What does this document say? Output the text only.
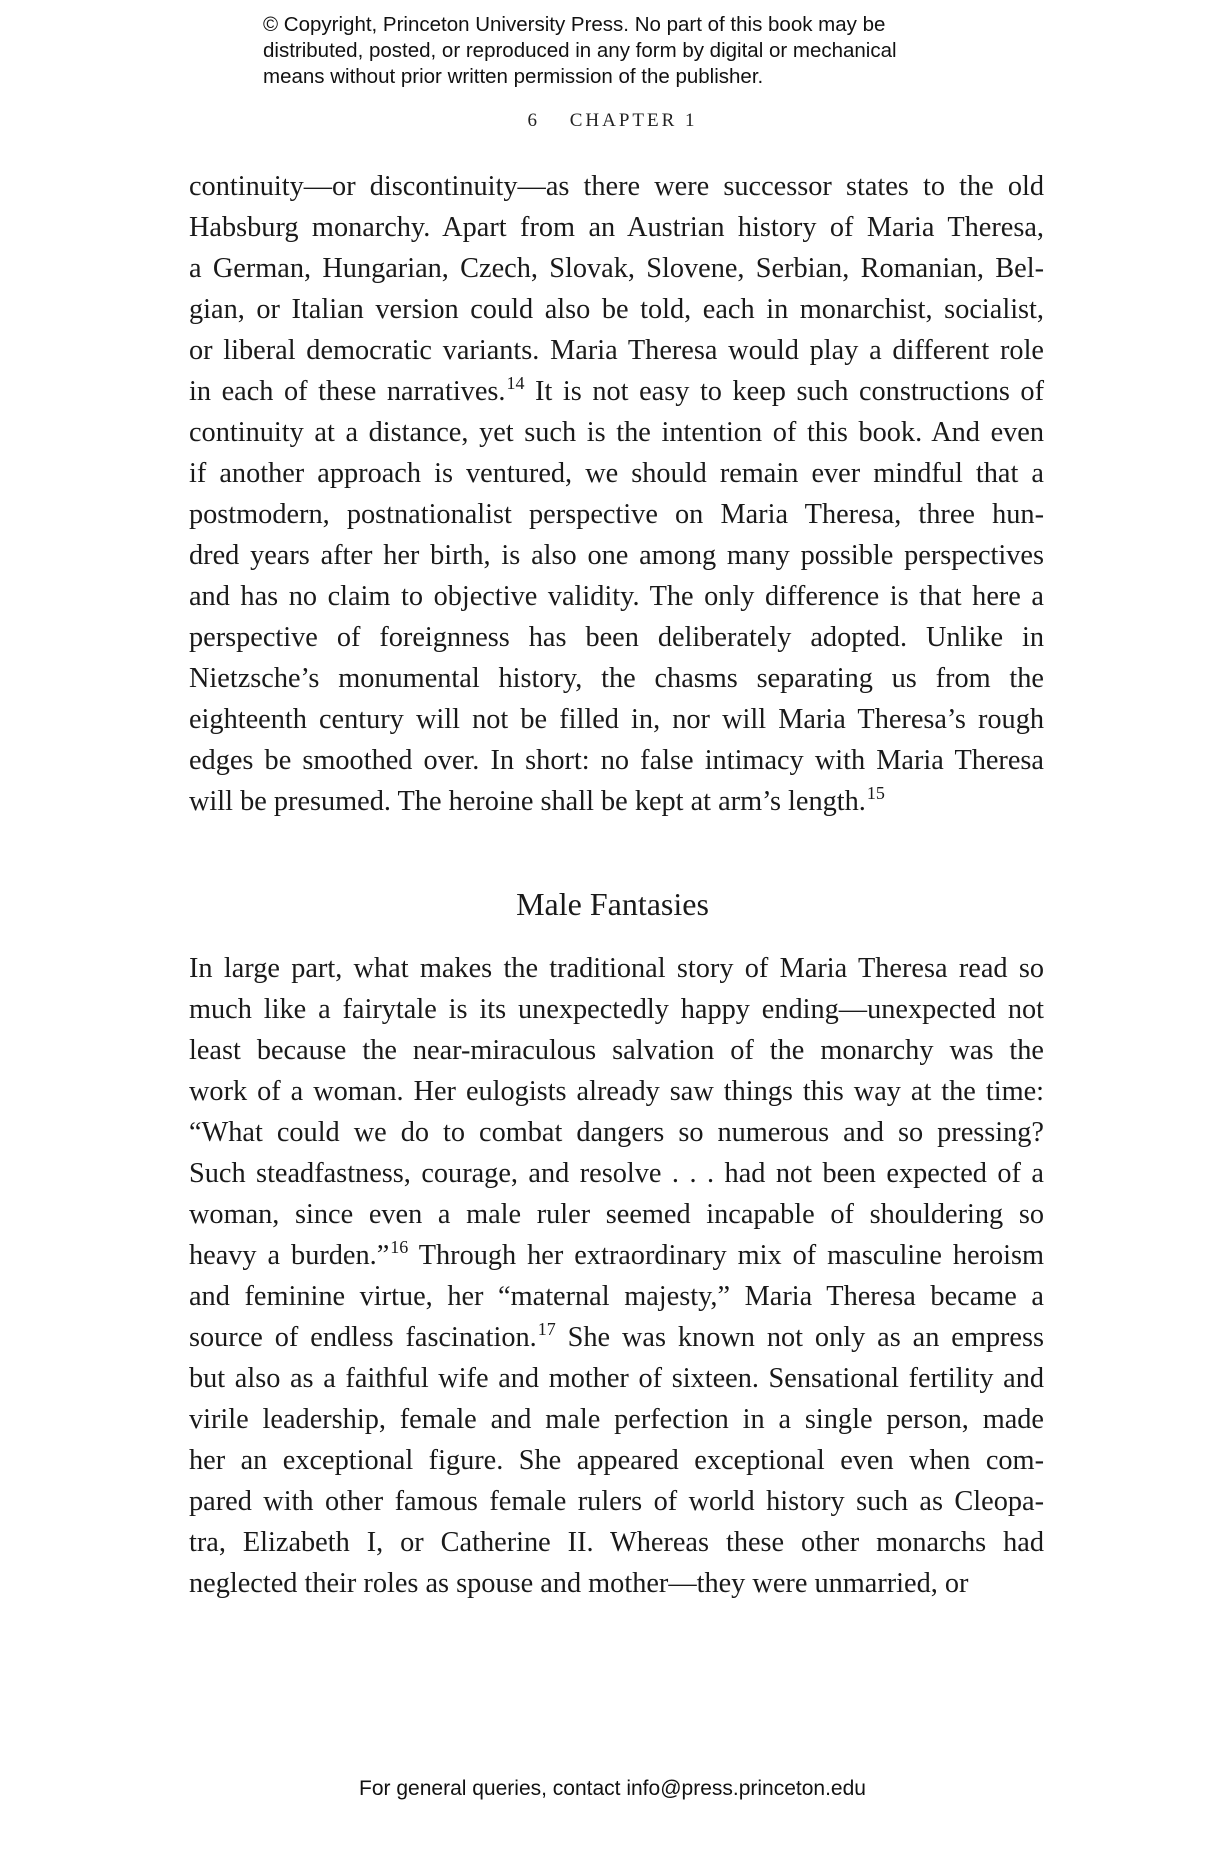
© Copyright, Princeton University Press. No part of this book may be
distributed, posted, or reproduced in any form by digital or mechanical
means without prior written permission of the publisher.
6 CHAPTER 1
continuity—or discontinuity—as there were successor states to the old
Habsburg monarchy. Apart from an Austrian history of Maria Theresa,
a German, Hungarian, Czech, Slovak, Slovene, Serbian, Romanian, Bel-
gian, or Italian version could also be told, each in monarchist, socialist,
or liberal democratic variants. Maria Theresa would play a different role
in each of these narratives.$^{14}$ It is not easy to keep such constructions of
continuity at a distance, yet such is the intention of this book. And even
if another approach is ventured, we should remain ever mindful that a
postmodern, postnationalist perspective on Maria Theresa, three hun-
dred years after her birth, is also one among many possible perspectives
and has no claim to objective validity. The only difference is that here a
perspective of foreignness has been deliberately adopted. Unlike in
Nietzsche’s monumental history, the chasms separating us from the
eighteenth century will not be filled in, nor will Maria Theresa’s rough
edges be smoothed over. In short: no false intimacy with Maria Theresa
will be presumed. The heroine shall be kept at arm’s length.$^{15}$
Male Fantasies
In large part, what makes the traditional story of Maria Theresa read so
much like a fairytale is its unexpectedly happy ending—unexpected not
least because the near-miraculous salvation of the monarchy was the
work of a woman. Her eulogists already saw things this way at the time:
“What could we do to combat dangers so numerous and so pressing?
Such steadfastness, courage, and resolve . . . had not been expected of a
woman, since even a male ruler seemed incapable of shouldering so
heavy a burden.”$^{16}$ Through her extraordinary mix of masculine heroism
and feminine virtue, her “maternal majesty,” Maria Theresa became a
source of endless fascination.$^{17}$ She was known not only as an empress
but also as a faithful wife and mother of sixteen. Sensational fertility and
virile leadership, female and male perfection in a single person, made
her an exceptional figure. She appeared exceptional even when com-
pared with other famous female rulers of world history such as Cleopa-
tra, Elizabeth I, or Catherine II. Whereas these other monarchs had
neglected their roles as spouse and mother—they were unmarried, or
For general queries, contact info@press.princeton.edu
